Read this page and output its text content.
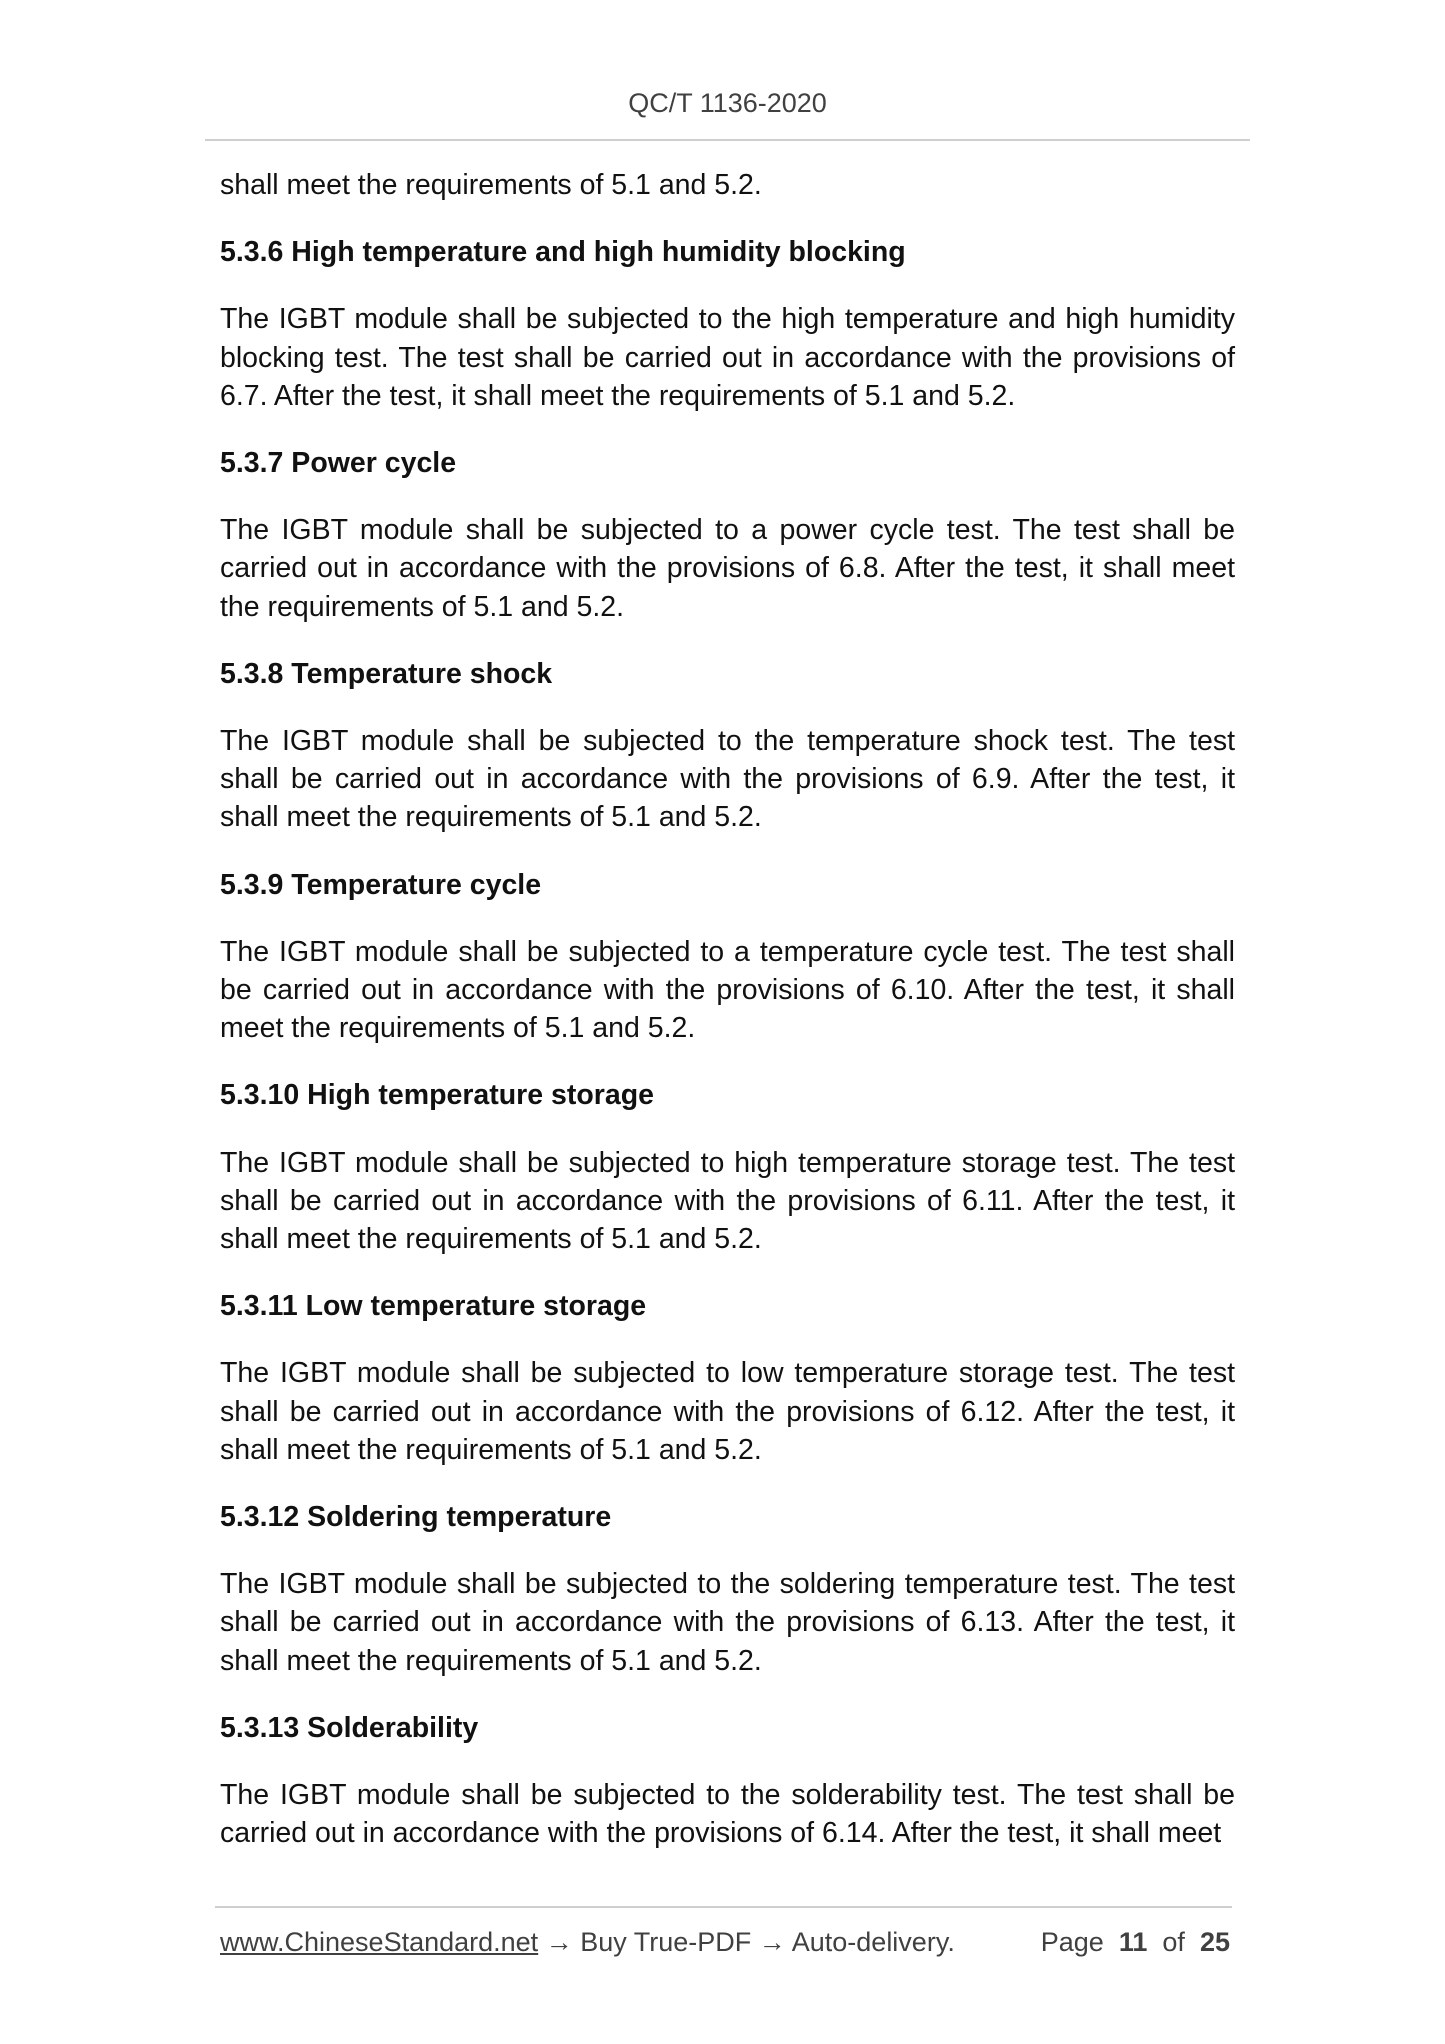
QC/T 1136-2020

shall meet the requirements of 5.1 and 5.2.

5.3.6 High temperature and high humidity blocking

The IGBT module shall be subjected to the high temperature and high humidity blocking test. The test shall be carried out in accordance with the provisions of 6.7. After the test, it shall meet the requirements of 5.1 and 5.2.

5.3.7 Power cycle

The IGBT module shall be subjected to a power cycle test. The test shall be carried out in accordance with the provisions of 6.8. After the test, it shall meet the requirements of 5.1 and 5.2.

5.3.8 Temperature shock

The IGBT module shall be subjected to the temperature shock test. The test shall be carried out in accordance with the provisions of 6.9. After the test, it shall meet the requirements of 5.1 and 5.2.

5.3.9 Temperature cycle

The IGBT module shall be subjected to a temperature cycle test. The test shall be carried out in accordance with the provisions of 6.10. After the test, it shall meet the requirements of 5.1 and 5.2.

5.3.10 High temperature storage

The IGBT module shall be subjected to high temperature storage test. The test shall be carried out in accordance with the provisions of 6.11. After the test, it shall meet the requirements of 5.1 and 5.2.

5.3.11 Low temperature storage

The IGBT module shall be subjected to low temperature storage test. The test shall be carried out in accordance with the provisions of 6.12. After the test, it shall meet the requirements of 5.1 and 5.2.

5.3.12 Soldering temperature

The IGBT module shall be subjected to the soldering temperature test. The test shall be carried out in accordance with the provisions of 6.13. After the test, it shall meet the requirements of 5.1 and 5.2.

5.3.13 Solderability

The IGBT module shall be subjected to the solderability test. The test shall be carried out in accordance with the provisions of 6.14. After the test, it shall meet

www.ChineseStandard.net → Buy True-PDF → Auto-delivery.	Page 11 of 25
